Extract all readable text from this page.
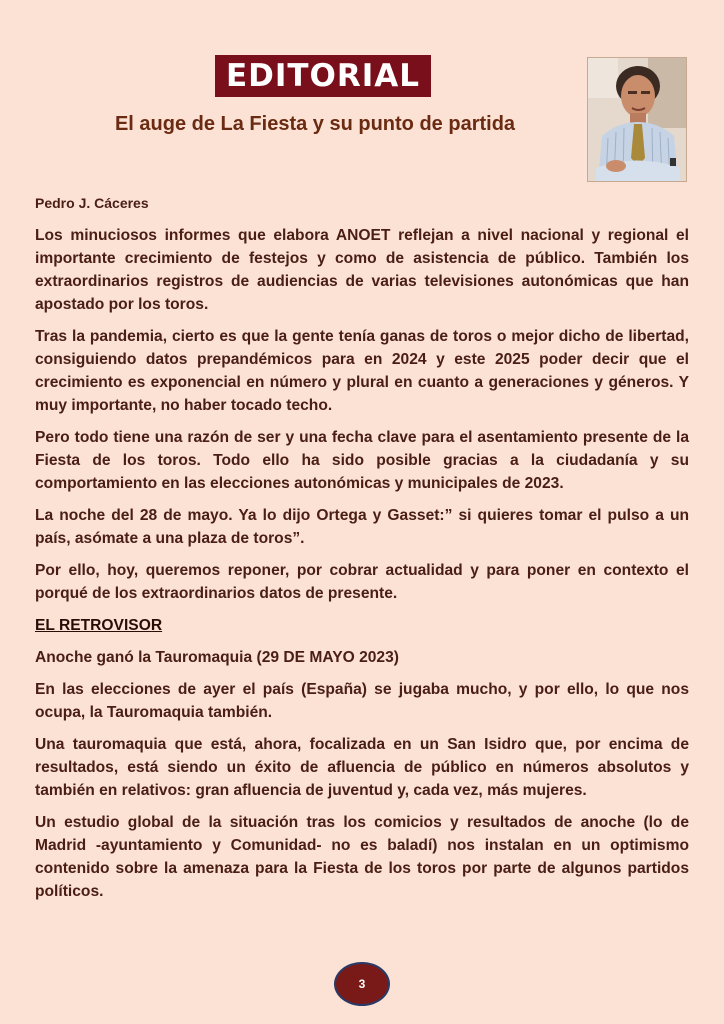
EDITORIAL
El auge de La Fiesta y su punto de partida
Pedro J. Cáceres

Los minuciosos informes que elabora ANOET reflejan a nivel nacional y regional el importante crecimiento de festejos y como de asistencia de público. También los extraordinarios registros de audiencias de varias televisiones autonómicas que han apostado por los toros.

Tras la pandemia, cierto es que la gente tenía ganas de toros o mejor dicho de libertad, consiguiendo datos prepandémicos para en 2024 y este 2025 poder decir que el crecimiento es exponencial en número y plural en cuanto a generaciones y géneros. Y muy importante, no haber tocado techo.

Pero todo tiene una razón de ser y una fecha clave para el asentamiento presente de la Fiesta de los toros. Todo ello ha sido posible gracias a la ciudadanía y su comportamiento en las elecciones autonómicas y municipales de 2023.

La noche del 28 de mayo. Ya lo dijo Ortega y Gasset:” si quieres tomar el pulso a un país, asómate a una plaza de toros”.

Por ello, hoy, queremos reponer, por cobrar actualidad y para poner en contexto el porqué de los extraordinarios datos de presente.

EL RETROVISOR

Anoche ganó la Tauromaquia (29 DE MAYO 2023)

En las elecciones de ayer el país (España) se jugaba mucho, y por ello, lo que nos ocupa, la Tauromaquia también.

Una tauromaquia que está, ahora, focalizada en un San Isidro que, por encima de resultados, está siendo un éxito de afluencia de público en números absolutos y también en relativos: gran afluencia de juventud y, cada vez, más mujeres.

Un estudio global de la situación tras los comicios y resultados de anoche (lo de Madrid -ayuntamiento y Comunidad- no es baladí) nos instalan en un optimismo contenido sobre la amenaza para la Fiesta de los toros por parte de algunos partidos políticos.

3
